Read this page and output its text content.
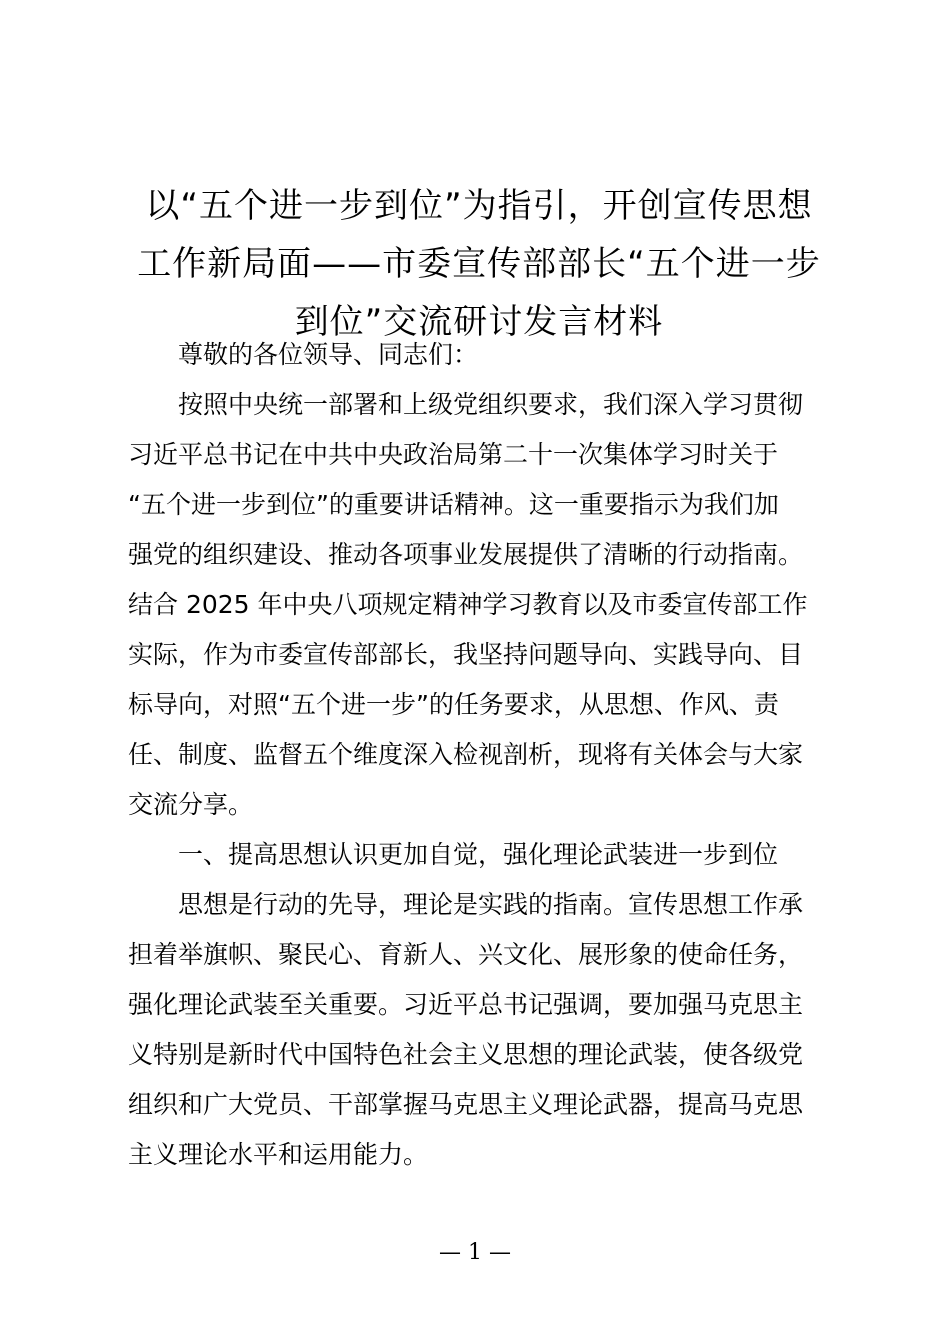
以“五个进一步到位”为指引，开创宣传思想
工作新局面——市委宣传部部长“五个进一步
到位”交流研讨发言材料
尊敬的各位领导、同志们：
按照中央统一部署和上级党组织要求，我们深入学习贯彻
习近平总书记在中共中央政治局第二十一次集体学习时关于
“五个进一步到位”的重要讲话精神。这一重要指示为我们加
强党的组织建设、推动各项事业发展提供了清晰的行动指南。
结合 2025 年中央八项规定精神学习教育以及市委宣传部工作
实际，作为市委宣传部部长，我坚持问题导向、实践导向、目
标导向，对照“五个进一步”的任务要求，从思想、作风、责
任、制度、监督五个维度深入检视剖析，现将有关体会与大家
交流分享。
一、提高思想认识更加自觉，强化理论武装进一步到位
思想是行动的先导，理论是实践的指南。宣传思想工作承
担着举旗帜、聚民心、育新人、兴文化、展形象的使命任务，
强化理论武装至关重要。习近平总书记强调，要加强马克思主
义特别是新时代中国特色社会主义思想的理论武装，使各级党
组织和广大党员、干部掌握马克思主义理论武器，提高马克思
主义理论水平和运用能力。
— 1 —
